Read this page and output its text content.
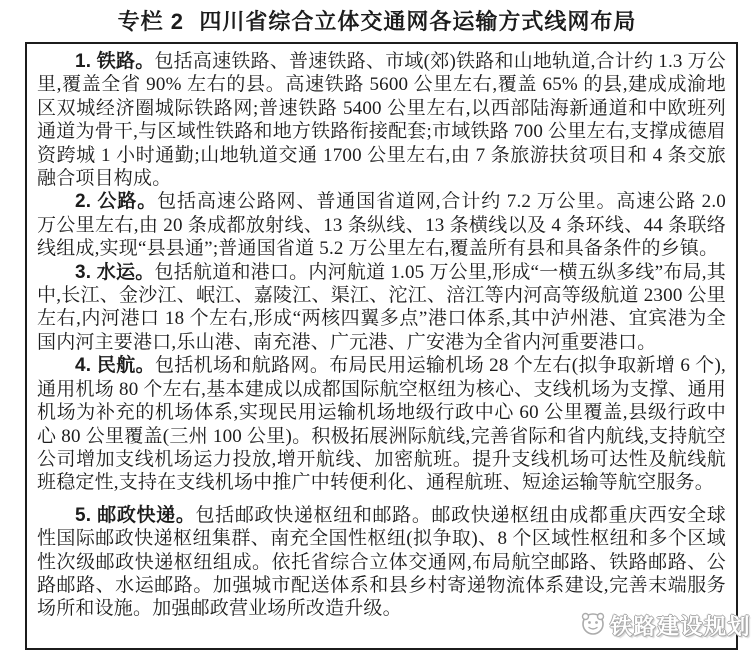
专栏 2 四川省综合立体交通网各运输方式线网布局

1. 铁路。包括高速铁路、普速铁路、市域(郊)铁路和山地轨道,合计约 1.3 万公里,覆盖全省 90% 左右的县。高速铁路 5600 公里左右,覆盖 65% 的县,建成成渝地区双城经济圈城际铁路网;普速铁路 5400 公里左右,以西部陆海新通道和中欧班列通道为骨干,与区域性铁路和地方铁路衔接配套;市域铁路 700 公里左右,支撑成德眉资跨城 1 小时通勤;山地轨道交通 1700 公里左右,由 7 条旅游扶贫项目和 4 条交旅融合项目构成。

2. 公路。包括高速公路网、普通国省道网,合计约 7.2 万公里。高速公路 2.0 万公里左右,由 20 条成都放射线、13 条纵线、13 条横线以及 4 条环线、44 条联络线组成,实现“县县通”;普通国省道 5.2 万公里左右,覆盖所有县和具备条件的乡镇。

3. 水运。包括航道和港口。内河航道 1.05 万公里,形成“一横五纵多线”布局,其中,长江、金沙江、岷江、嘉陵江、渠江、沱江、涪江等内河高等级航道 2300 公里左右,内河港口 18 个左右,形成“两核四翼多点”港口体系,其中泸州港、宜宾港为全国内河主要港口,乐山港、南充港、广元港、广安港为全省内河重要港口。

4. 民航。包括机场和航路网。布局民用运输机场 28 个左右(拟争取新增 6 个),通用机场 80 个左右,基本建成以成都国际航空枢纽为核心、支线机场为支撑、通用机场为补充的机场体系,实现民用运输机场地级行政中心 60 公里覆盖,县级行政中心 80 公里覆盖(三州 100 公里)。积极拓展洲际航线,完善省际和省内航线,支持航空公司增加支线机场运力投放,增开航线、加密航班。提升支线机场可达性及航线航班稳定性,支持在支线机场中推广中转便利化、通程航班、短途运输等航空服务。

5. 邮政快递。包括邮政快递枢纽和邮路。邮政快递枢纽由成都重庆西安全球性国际邮政快递枢纽集群、南充全国性枢纽(拟争取)、8 个区域性枢纽和多个区域性次级邮政快递枢纽组成。依托省综合立体交通网,布局航空邮路、铁路邮路、公路邮路、水运邮路。加强城市配送体系和县乡村寄递物流体系建设,完善末端服务场所和设施。加强邮政营业场所改造升级。

铁路建设规划
